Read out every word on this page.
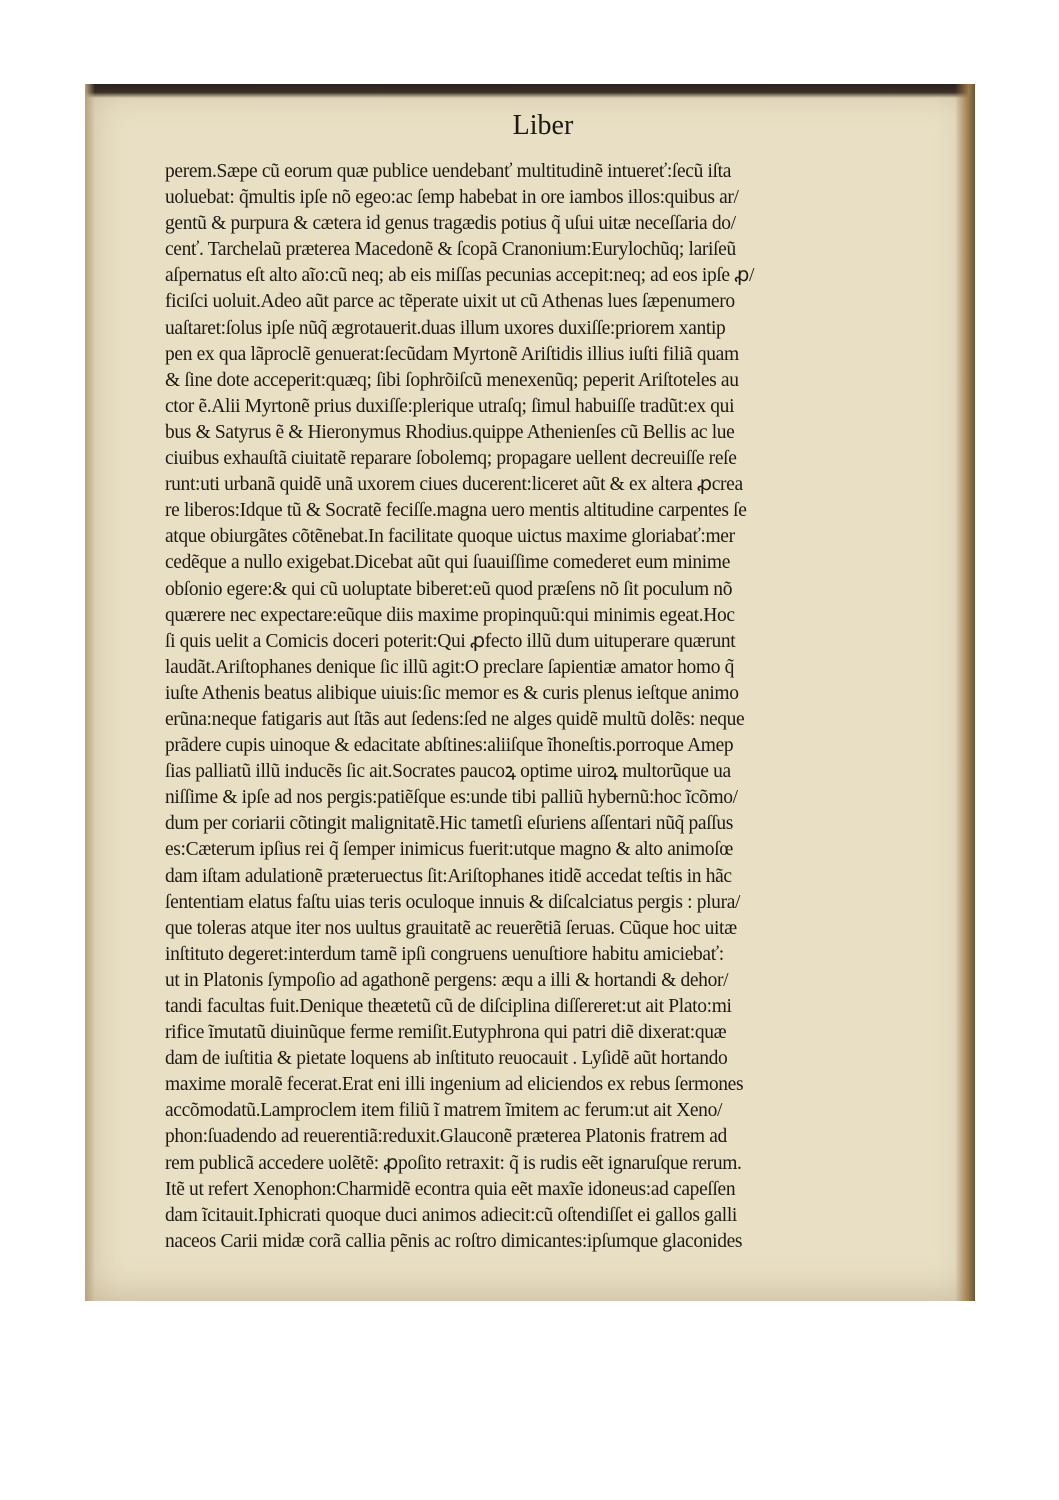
Liber
perem.Sæpe cũ eorum quæ publice uendebanť multitudinẽ intuereť:ſecũ iſta
uoluebat: q̃multis ipſe nõ egeo:ac ſemp habebat in ore iambos illos:quibus ar/
gentũ & purpura & cætera id genus tragædis potius q̃ uſui uitæ neceſſaria do/
cenť. Tarchelaũ præterea Macedonẽ & ſcopã Cranonium:Eurylochũq; lariſeũ
aſpernatus eſt alto aĩo:cũ neq; ab eis miſſas pecunias accepit:neq; ad eos ipſe ꝓ/
ficiſci uoluit.Adeo aũt parce ac tẽperate uixit ut cũ Athenas lues ſæpenumero
uaſtaret:ſolus ipſe nũq̃ ægrotauerit.duas illum uxores duxiſſe:priorem xantip
pen ex qua lãproclẽ genuerat:ſecũdam Myrtonẽ Ariſtidis illius iuſti filiã quam
& ſine dote acceperit:quæq; ſibi ſophrõiſcũ menexenũq; peperit Ariſtoteles au
ctor ẽ.Alii Myrtonẽ prius duxiſſe:plerique utraſq; ſimul habuiſſe tradũt:ex qui
bus & Satyrus ẽ & Hieronymus Rhodius.quippe Athenienſes cũ Bellis ac lue
ciuibus exhauſtã ciuitatẽ reparare ſobolemq; propagare uellent decreuiſſe reſe
runt:uti urbanã quidẽ unã uxorem ciues ducerent:liceret aũt & ex altera ꝓcrea
re liberos:Idque tũ & Socratẽ feciſſe.magna uero mentis altitudine carpentes ſe
atque obiurgãtes cõtẽnebat.In facilitate quoque uictus maxime gloriabať:mer
cedẽque a nullo exigebat.Dicebat aũt qui ſuauiſſime comederet eum minime
obſonio egere:& qui cũ uoluptate biberet:eũ quod præſens nõ ſit poculum nõ
quærere nec expectare:eũque diis maxime propinquũ:qui minimis egeat.Hoc
ſi quis uelit a Comicis doceri poterit:Qui ꝓfecto illũ dum uituperare quærunt
laudãt.Ariſtophanes denique ſic illũ agit:O preclare ſapientiæ amator homo q̃
iuſte Athenis beatus alibique uiuis:ſic memor es & curis plenus ieſtque animo
erũna:neque fatigaris aut ſtãs aut ſedens:ſed ne alges quidẽ multũ dolẽs: neque
prãdere cupis uinoque & edacitate abſtines:aliiſque ĩhoneſtis.porroque Amep
ſias palliatũ illũ inducẽs ſic ait.Socrates paucoꝝ optime uiroꝝ multorũque ua
niſſime & ipſe ad nos pergis:patiẽſque es:unde tibi palliũ hybernũ:hoc ĩcõmo/
dum per coriarii cõtingit malignitatẽ.Hic tametſi eſuriens aſſentari nũq̃ paſſus
es:Cæterum ipſius rei q̃ ſemper inimicus fuerit:utque magno & alto animoſœ
dam iſtam adulationẽ præteruectus ſit:Ariſtophanes itidẽ accedat teſtis in hãc
ſententiam elatus faſtu uias teris oculoque innuis & diſcalciatus pergis : plura/
que toleras atque iter nos uultus grauitatẽ ac reuerẽtiã ſeruas. Cũque hoc uitæ
inſtituto degeret:interdum tamẽ ipſi congruens uenuſtiore habitu amiciebať:
ut in Platonis ſympoſio ad agathonẽ pergens: æqu a illi & hortandi & dehor/
tandi facultas fuit.Denique theætetũ cũ de diſciplina diſſereret:ut ait Plato:mi
rifice ĩmutatũ diuinũque ferme remiſit.Eutyphrona qui patri diẽ dixerat:quæ
dam de iuſtitia & pietate loquens ab inſtituto reuocauit . Lyſidẽ aũt hortando
maxime moralẽ fecerat.Erat eni illi ingenium ad eliciendos ex rebus ſermones
accõmodatũ.Lamproclem item filiũ ĩ matrem ĩmitem ac ferum:ut ait Xeno/
phon:ſuadendo ad reuerentiã:reduxit.Glauconẽ præterea Platonis fratrem ad
rem publicã accedere uolẽtẽ: ꝓpoſito retraxit: q̃ is rudis eẽt ignaruſque rerum.
Itẽ ut refert Xenophon:Charmidẽ econtra quia eẽt maxĩe idoneus:ad capeſſen
dam ĩcitauit.Iphicrati quoque duci animos adiecit:cũ oſtendiſſet ei gallos galli
naceos Carii midæ corã callia pẽnis ac roſtro dimicantes:ipſumque glaconides
